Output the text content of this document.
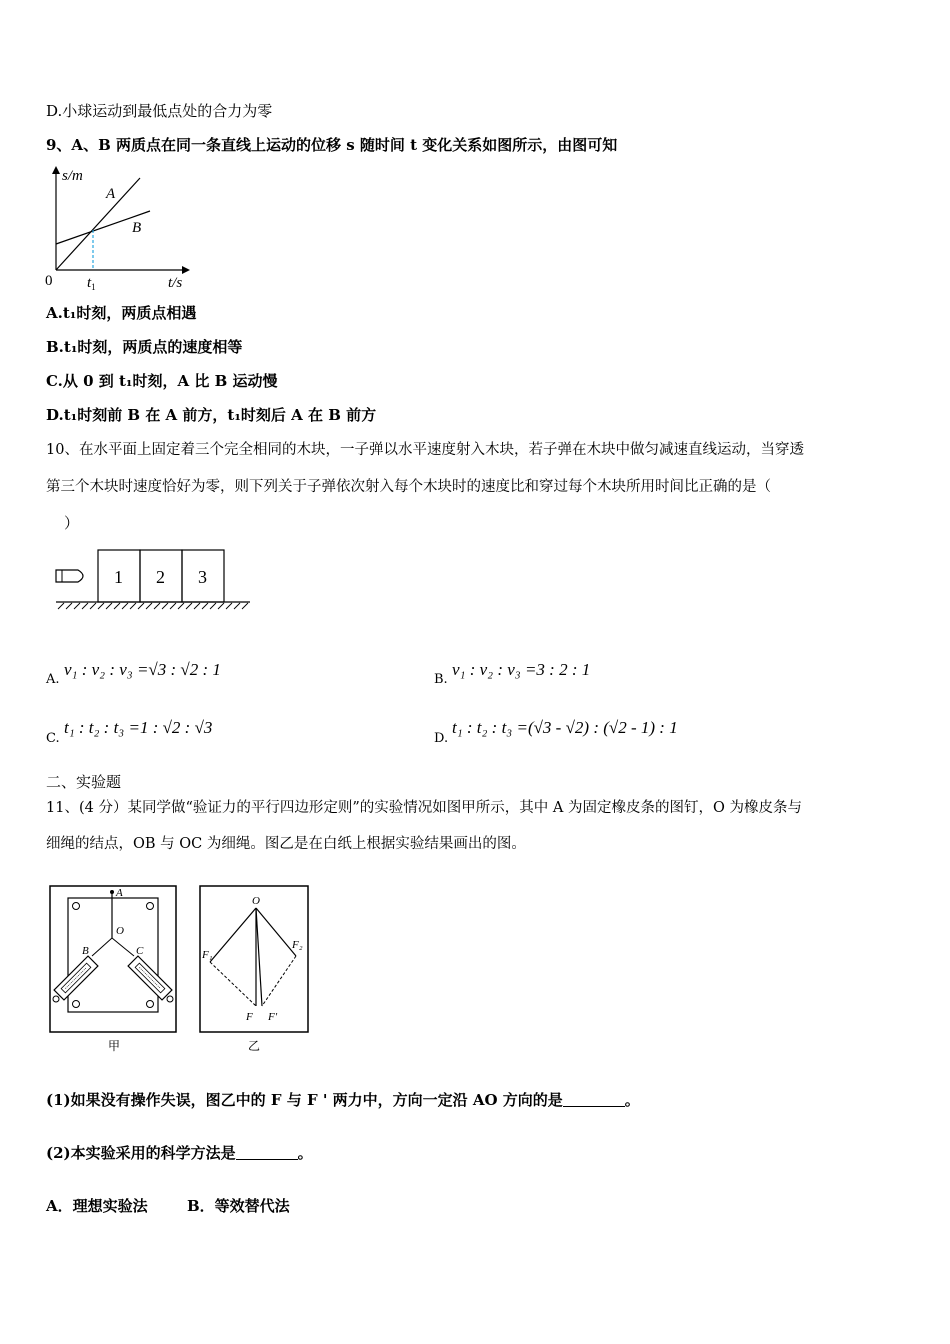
D.小球运动到最低点处的合力为零
9、A、B 两质点在同一条直线上运动的位移 s 随时间 t 变化关系如图所示，由图可知
s/m
A
B
0 $t_1$	t/s
A.t₁时刻，两质点相遇
B.t₁时刻，两质点的速度相等
C.从 0 到 t₁时刻，A 比 B 运动慢
D.t₁时刻前 B 在 A 前方，t₁时刻后 A 在 B 前方
10、在水平面上固定着三个完全相同的木块，一子弹以水平速度射入木块，若子弹在木块中做匀减速直线运动，当穿透
第三个木块时速度恰好为零，则下列关于子弹依次射入每个木块时的速度比和穿过每个木块所用时间比正确的是（
）
1 2 3
A.
v₁ : v₂ : v₃ =√3 : √2 : 1
B.
v₁ : v₂ : v₃ =3 : 2 : 1
C.
t₁ : t₂ : t₃ =1 : √2 : √3
D.
t₁ : t₂ : t₃ =(√3 - √2) : (√2 - 1) : 1
二、实验题
11、(4 分）某同学做“验证力的平行四边形定则”的实验情况如图甲所示，其中 A 为固定橡皮条的图钉，O 为橡皮条与
细绳的结点，OB 与 OC 为细绳。图乙是在白纸上根据实验结果画出的图。
A
O
B	C
甲
O
F₁
F₂
F F′
乙
(1)如果没有操作失误，图乙中的 F 与 F ' 两力中，方向一定沿 AO 方向的是	。
(2)本实验采用的科学方法是	。
A．理想实验法	B．等效替代法
